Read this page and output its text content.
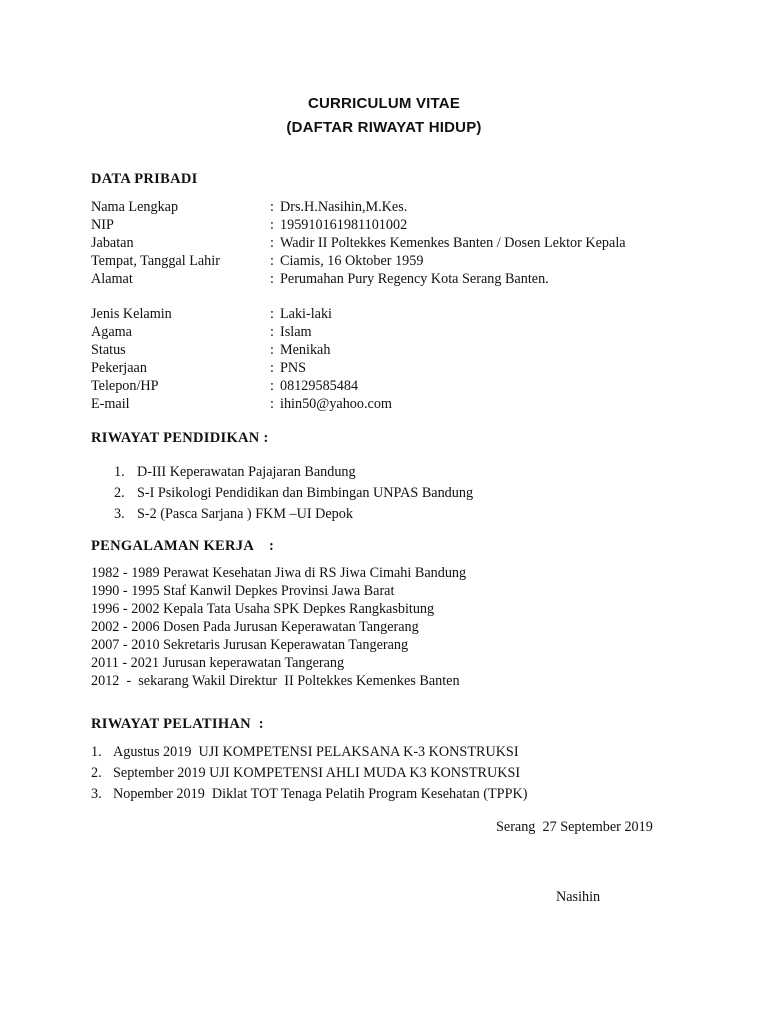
CURRICULUM VITAE
(DAFTAR RIWAYAT HIDUP)
DATA PRIBADI
Nama Lengkap	: Drs.H.Nasihin,M.Kes.
NIP	: 195910161981101002
Jabatan	: Wadir II Poltekkes Kemenkes Banten / Dosen Lektor Kepala
Tempat, Tanggal Lahir	: Ciamis, 16 Oktober 1959
Alamat	: Perumahan Pury Regency Kota Serang Banten.
Jenis Kelamin	: Laki-laki
Agama	: Islam
Status	: Menikah
Pekerjaan	: PNS
Telepon/HP	: 08129585484
E-mail	: ihin50@yahoo.com
RIWAYAT PENDIDIKAN :
1. D-III Keperawatan Pajajaran Bandung
2. S-I Psikologi Pendidikan dan Bimbingan UNPAS Bandung
3. S-2 (Pasca Sarjana ) FKM –UI Depok
PENGALAMAN KERJA    :
1982 - 1989 Perawat Kesehatan Jiwa di RS Jiwa Cimahi Bandung
1990 - 1995 Staf Kanwil Depkes Provinsi Jawa Barat
1996 - 2002 Kepala Tata Usaha SPK Depkes Rangkasbitung
2002 - 2006 Dosen Pada Jurusan Keperawatan Tangerang
2007 - 2010 Sekretaris Jurusan Keperawatan Tangerang
2011 - 2021 Jurusan keperawatan Tangerang
2012  -  sekarang Wakil Direktur  II Poltekkes Kemenkes Banten
RIWAYAT PELATIHAN  :
1. Agustus 2019  UJI KOMPETENSI PELAKSANA K-3 KONSTRUKSI
2. September 2019 UJI KOMPETENSI AHLI MUDA K3 KONSTRUKSI
3. Nopember 2019  Diklat TOT Tenaga Pelatih Program Kesehatan (TPPK)
Serang  27 September 2019
Nasihin
